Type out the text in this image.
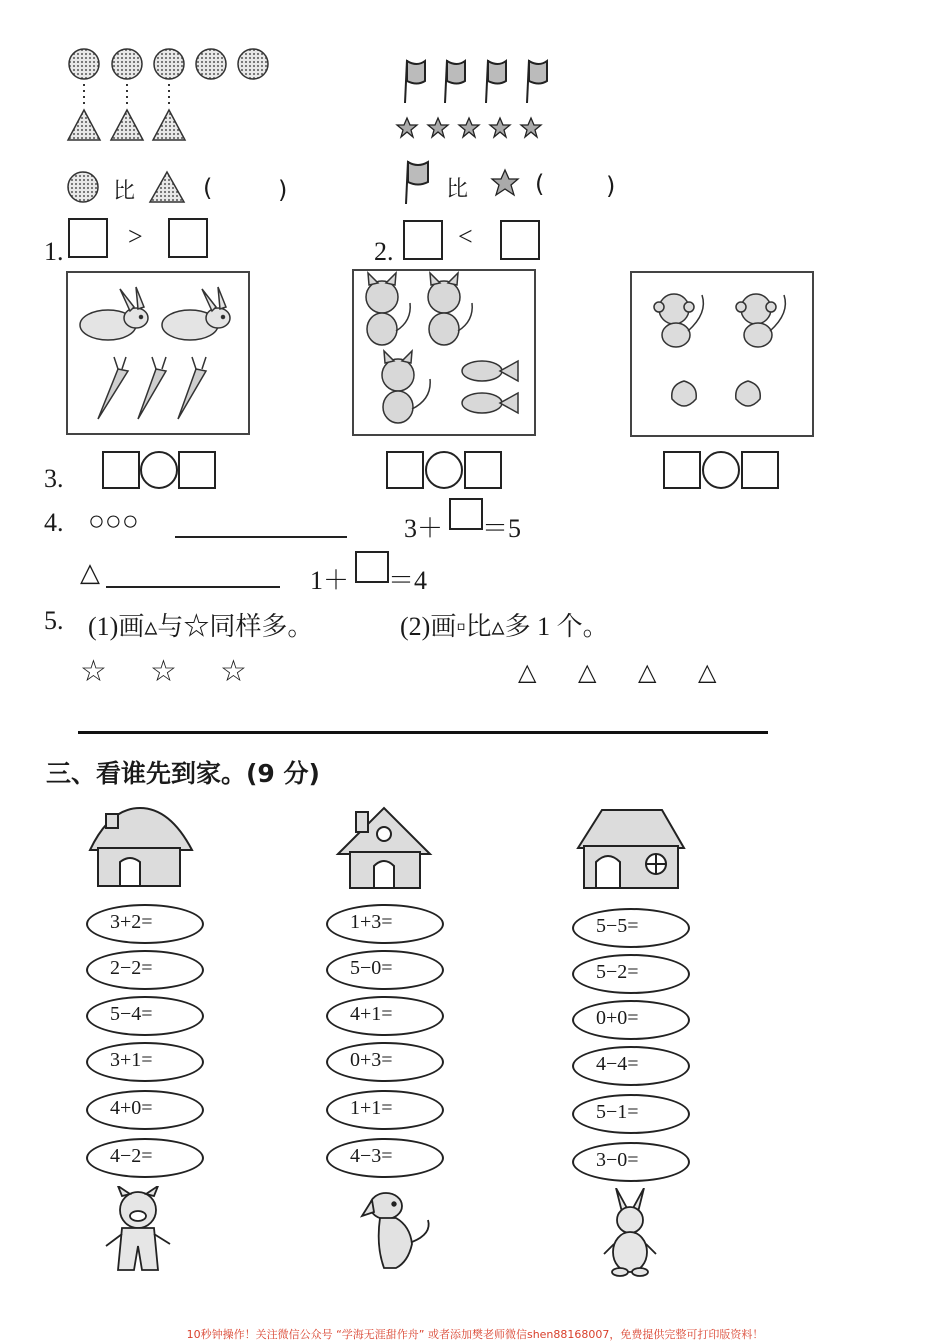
比	(	)	比	(	)
1.
>
2.
<
3.
4. ○○○	3＋ ＝5
△	1＋ ＝4
5. (1)画▵与☆同样多。	(2)画▫比▵多 1 个。
☆ ☆ ☆	△ △ △ △
三、看谁先到家。(9 分)
3+2=
2−2=
5−4=
3+1=
4+0=
4−2=
1+3=
5−0=
4+1=
0+3=
1+1=
4−3=
5−5=
5−2=
0+0=
4−4=
5−1=
3−0=
10秒钟操作！关注微信公众号 “学海无涯甜作舟” 或者添加樊老师微信shen88168007，免费提供完整可打印版资料！
